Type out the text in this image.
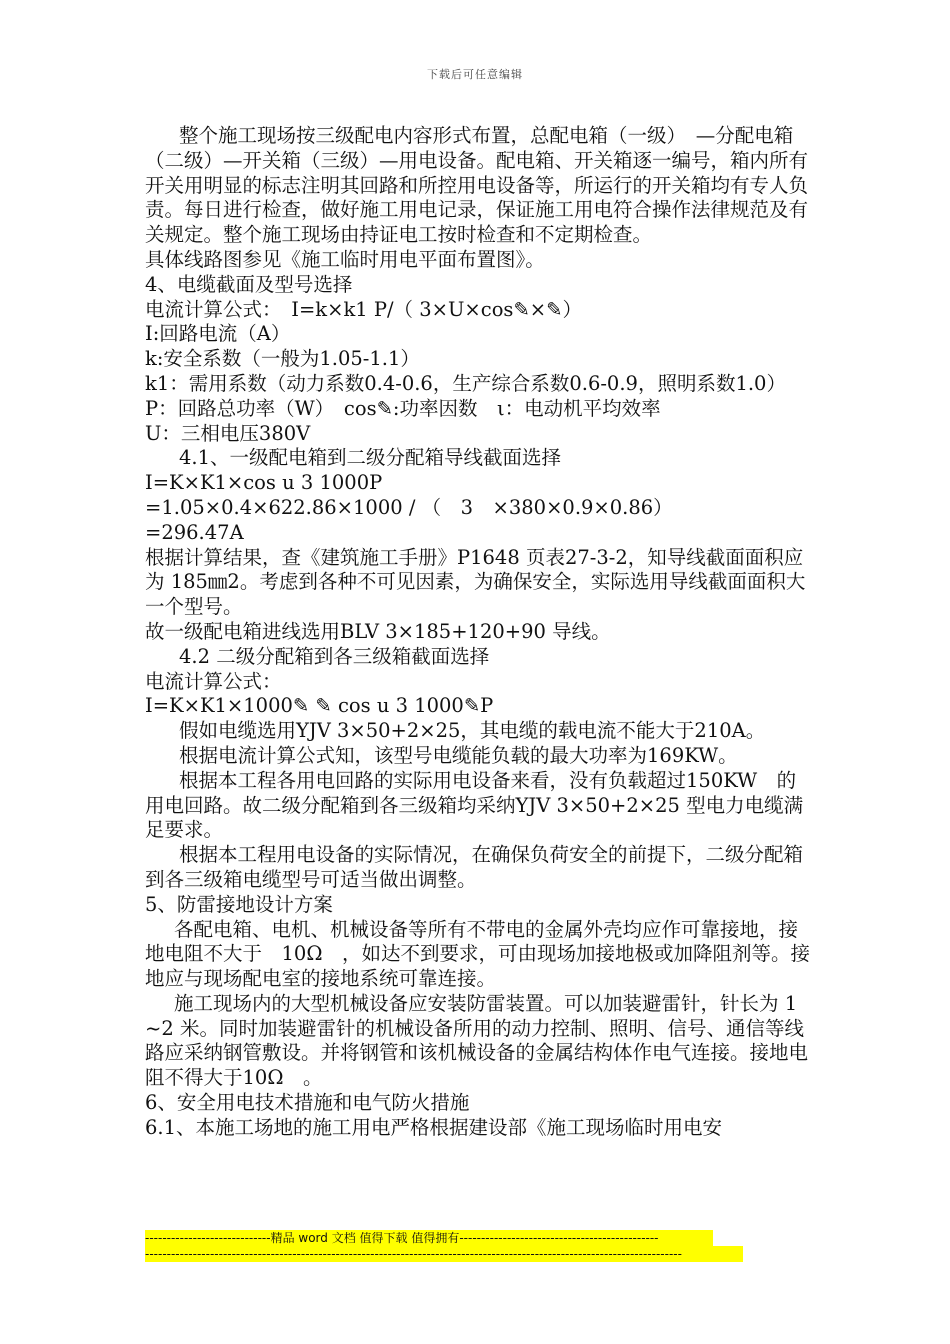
下载后可任意编辑

整个施工现场按三级配电内容形式布置，总配电箱（一级）　—分配电箱（二级）—开关箱（三级）—用电设备。配电箱、开关箱逐一编号，箱内所有开关用明显的标志注明其回路和所控用电设备等，所运行的开关箱均有专人负责。每日进行检查，做好施工用电记录，保证施工用电符合操作法律规范及有关规定。整个施工现场由持证电工按时检查和不定期检查。

具体线路图参见《施工临时用电平面布置图》。

4、电缆截面及型号选择

电流计算公式：　I=k×k1 P/（ 3×U×cos✎×✎）

I:回路电流（A）

k:安全系数（一般为1.05-1.1）

k1：需用系数（动力系数0.4-0.6，生产综合系数0.6-0.9，照明系数1.0）

P：回路总功率（W）　cos✎:功率因数　ι：电动机平均效率

U：三相电压380V

4.1、一级配电箱到二级分配箱导线截面选择

I=K×K1×cos u 3 1000P

=1.05×0.4×622.86×1000 / （　3　×380×0.9×0.86）

=296.47A

根据计算结果，查《建筑施工手册》P1648 页表27-3-2，知导线截面面积应为 185㎜2。考虑到各种不可见因素，为确保安全，实际选用导线截面面积大一个型号。

故一级配电箱进线选用BLV 3×185+120+90 导线。

4.2 二级分配箱到各三级箱截面选择

电流计算公式：

I=K×K1×1000✎ ✎ cos u 3 1000✎P

假如电缆选用YJV 3×50+2×25，其电缆的载电流不能大于210A。

根据电流计算公式知，该型号电缆能负载的最大功率为169KW。

根据本工程各用电回路的实际用电设备来看，没有负载超过150KW　的用电回路。故二级分配箱到各三级箱均采纳YJV 3×50+2×25 型电力电缆满足要求。

根据本工程用电设备的实际情况，在确保负荷安全的前提下，二级分配箱到各三级箱电缆型号可适当做出调整。

5、防雷接地设计方案

各配电箱、电机、机械设备等所有不带电的金属外壳均应作可靠接地，接地电阻不大于　10Ω　，如达不到要求，可由现场加接地极或加降阻剂等。接地应与现场配电室的接地系统可靠连接。

施工现场内的大型机械设备应安装防雷装置。可以加装避雷针，针长为 1~2 米。同时加装避雷针的机械设备所用的动力控制、照明、信号、通信等线路应采纳钢管敷设。并将钢管和该机械设备的金属结构体作电气连接。接地电阻不得大于10Ω　。

6、安全用电技术措施和电气防火措施

6.1、本施工场地的施工用电严格根据建设部《施工现场临时用电安

-----------------------------精品 word 文档 值得下载 值得拥有----------------------------------------------
----------------------------------------------------------------------------------------------------------------------------
